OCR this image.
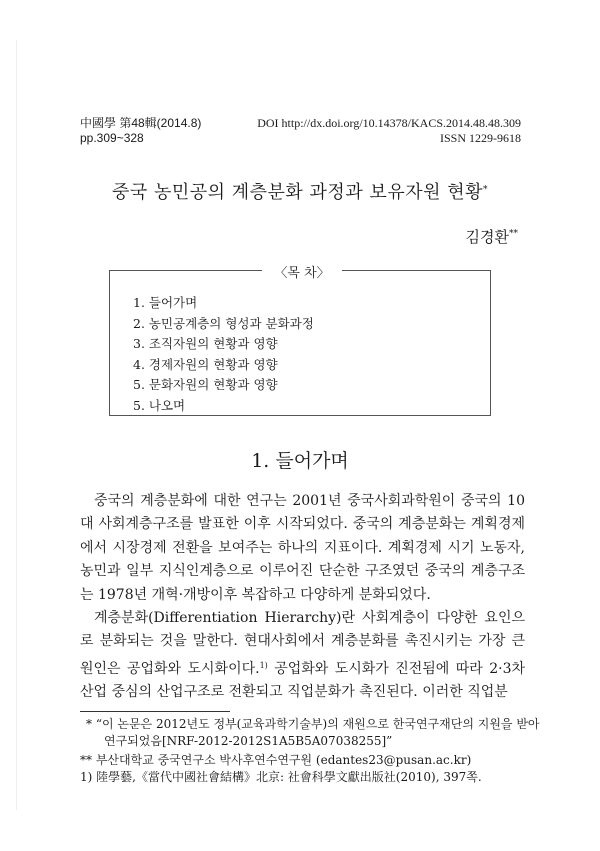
中國學 第48輯(2014.8)
pp.309~328
DOI http://dx.doi.org/10.14378/KACS.2014.48.48.309
ISSN 1229-9618
중국 농민공의 계층분화 과정과 보유자원 현황*
김경환**
1. 들어가며
2. 농민공계층의 형성과 분화과정
3. 조직자원의 현황과 영향
4. 경제자원의 현황과 영향
5. 문화자원의 현황과 영향
5. 나오며
〈목 차〉
1. 들어가며

중국의 계층분화에 대한 연구는 2001년 중국사회과학원이 중국의 10대 사회계층구조를 발표한 이후 시작되었다. 중국의 계층분화는 계획경제에서 시장경제 전환을 보여주는 하나의 지표이다. 계획경제 시기 노동자, 농민과 일부 지식인계층으로 이루어진 단순한 구조였던 중국의 계층구조는 1978년 개혁·개방이후 복잡하고 다양하게 분화되었다.

계층분화(Differentiation Hierarchy)란 사회계층이 다양한 요인으로 분화되는 것을 말한다. 현대사회에서 계층분화를 촉진시키는 가장 큰 원인은 공업화와 도시화이다.$^{1)}$ 공업화와 도시화가 진전됨에 따라 2·3차 산업 중심의 산업구조로 전환되고 직업분화가 촉진된다. 이러한 직업분

* “이 논문은 2012년도 정부(교육과학기술부)의 재원으로 한국연구재단의 지원을 받아 연구되었음[NRF-2012-2012S1A5B5A07038255]”
** 부산대학교 중국연구소 박사후연수연구원 (edantes23@pusan.ac.kr)
1) 陸學藝,《當代中國社會結構》北京: 社會科學文獻出版社(2010), 397쪽.
